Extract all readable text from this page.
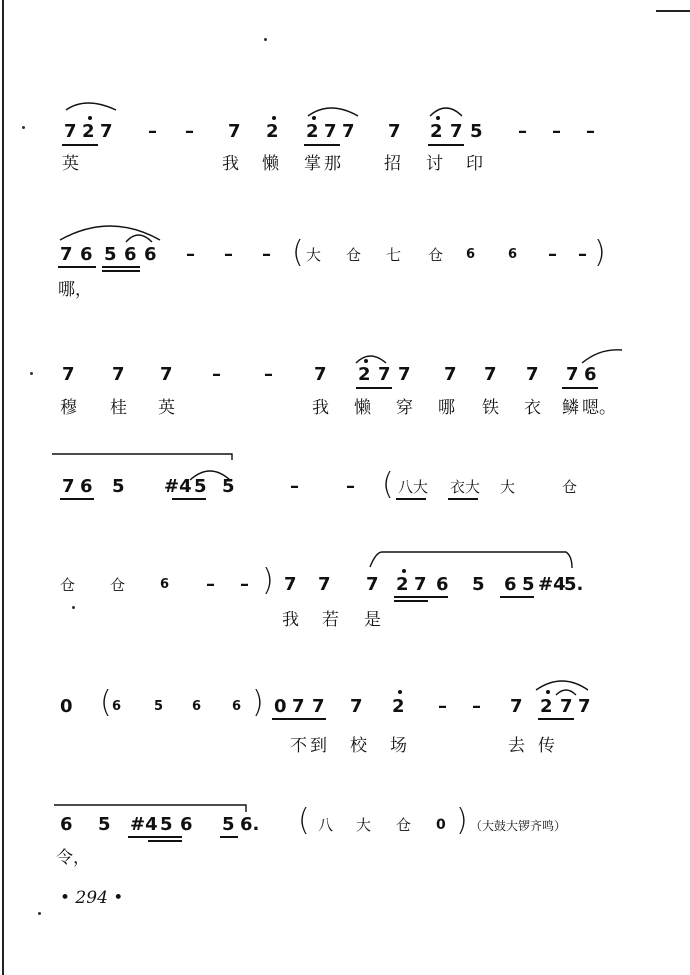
7 2 7 – – 7 2 2 7 7 7 2 7 5 – – –
英	我 懒 掌 那	招 讨 印
7 6 5 6 6 – – – ( 大 仓 七 仓 6	6 – – )
哪，
7 7 7 – – 7 2 7 7 7 7 7 7 6
穆 桂 英	我 懒 穿 哪 铁 衣 鳞 嗯。
7 6 5 #4 5 5	–	– ( 八大 衣大 大	仓
仓 仓	6 – – ) 7 7 7 2 7 6 5 6 5 #4
5.
我 若 是
0 ( 6	5 6 6 ) 0 7 7 7 2 – – 7 2 7 7
不 到 校 场	去 传
6 5 #4 5 6 5 6. ( 八 大 仓 0 ) （大鼓大锣齐鸣）
令，
• 294 •
